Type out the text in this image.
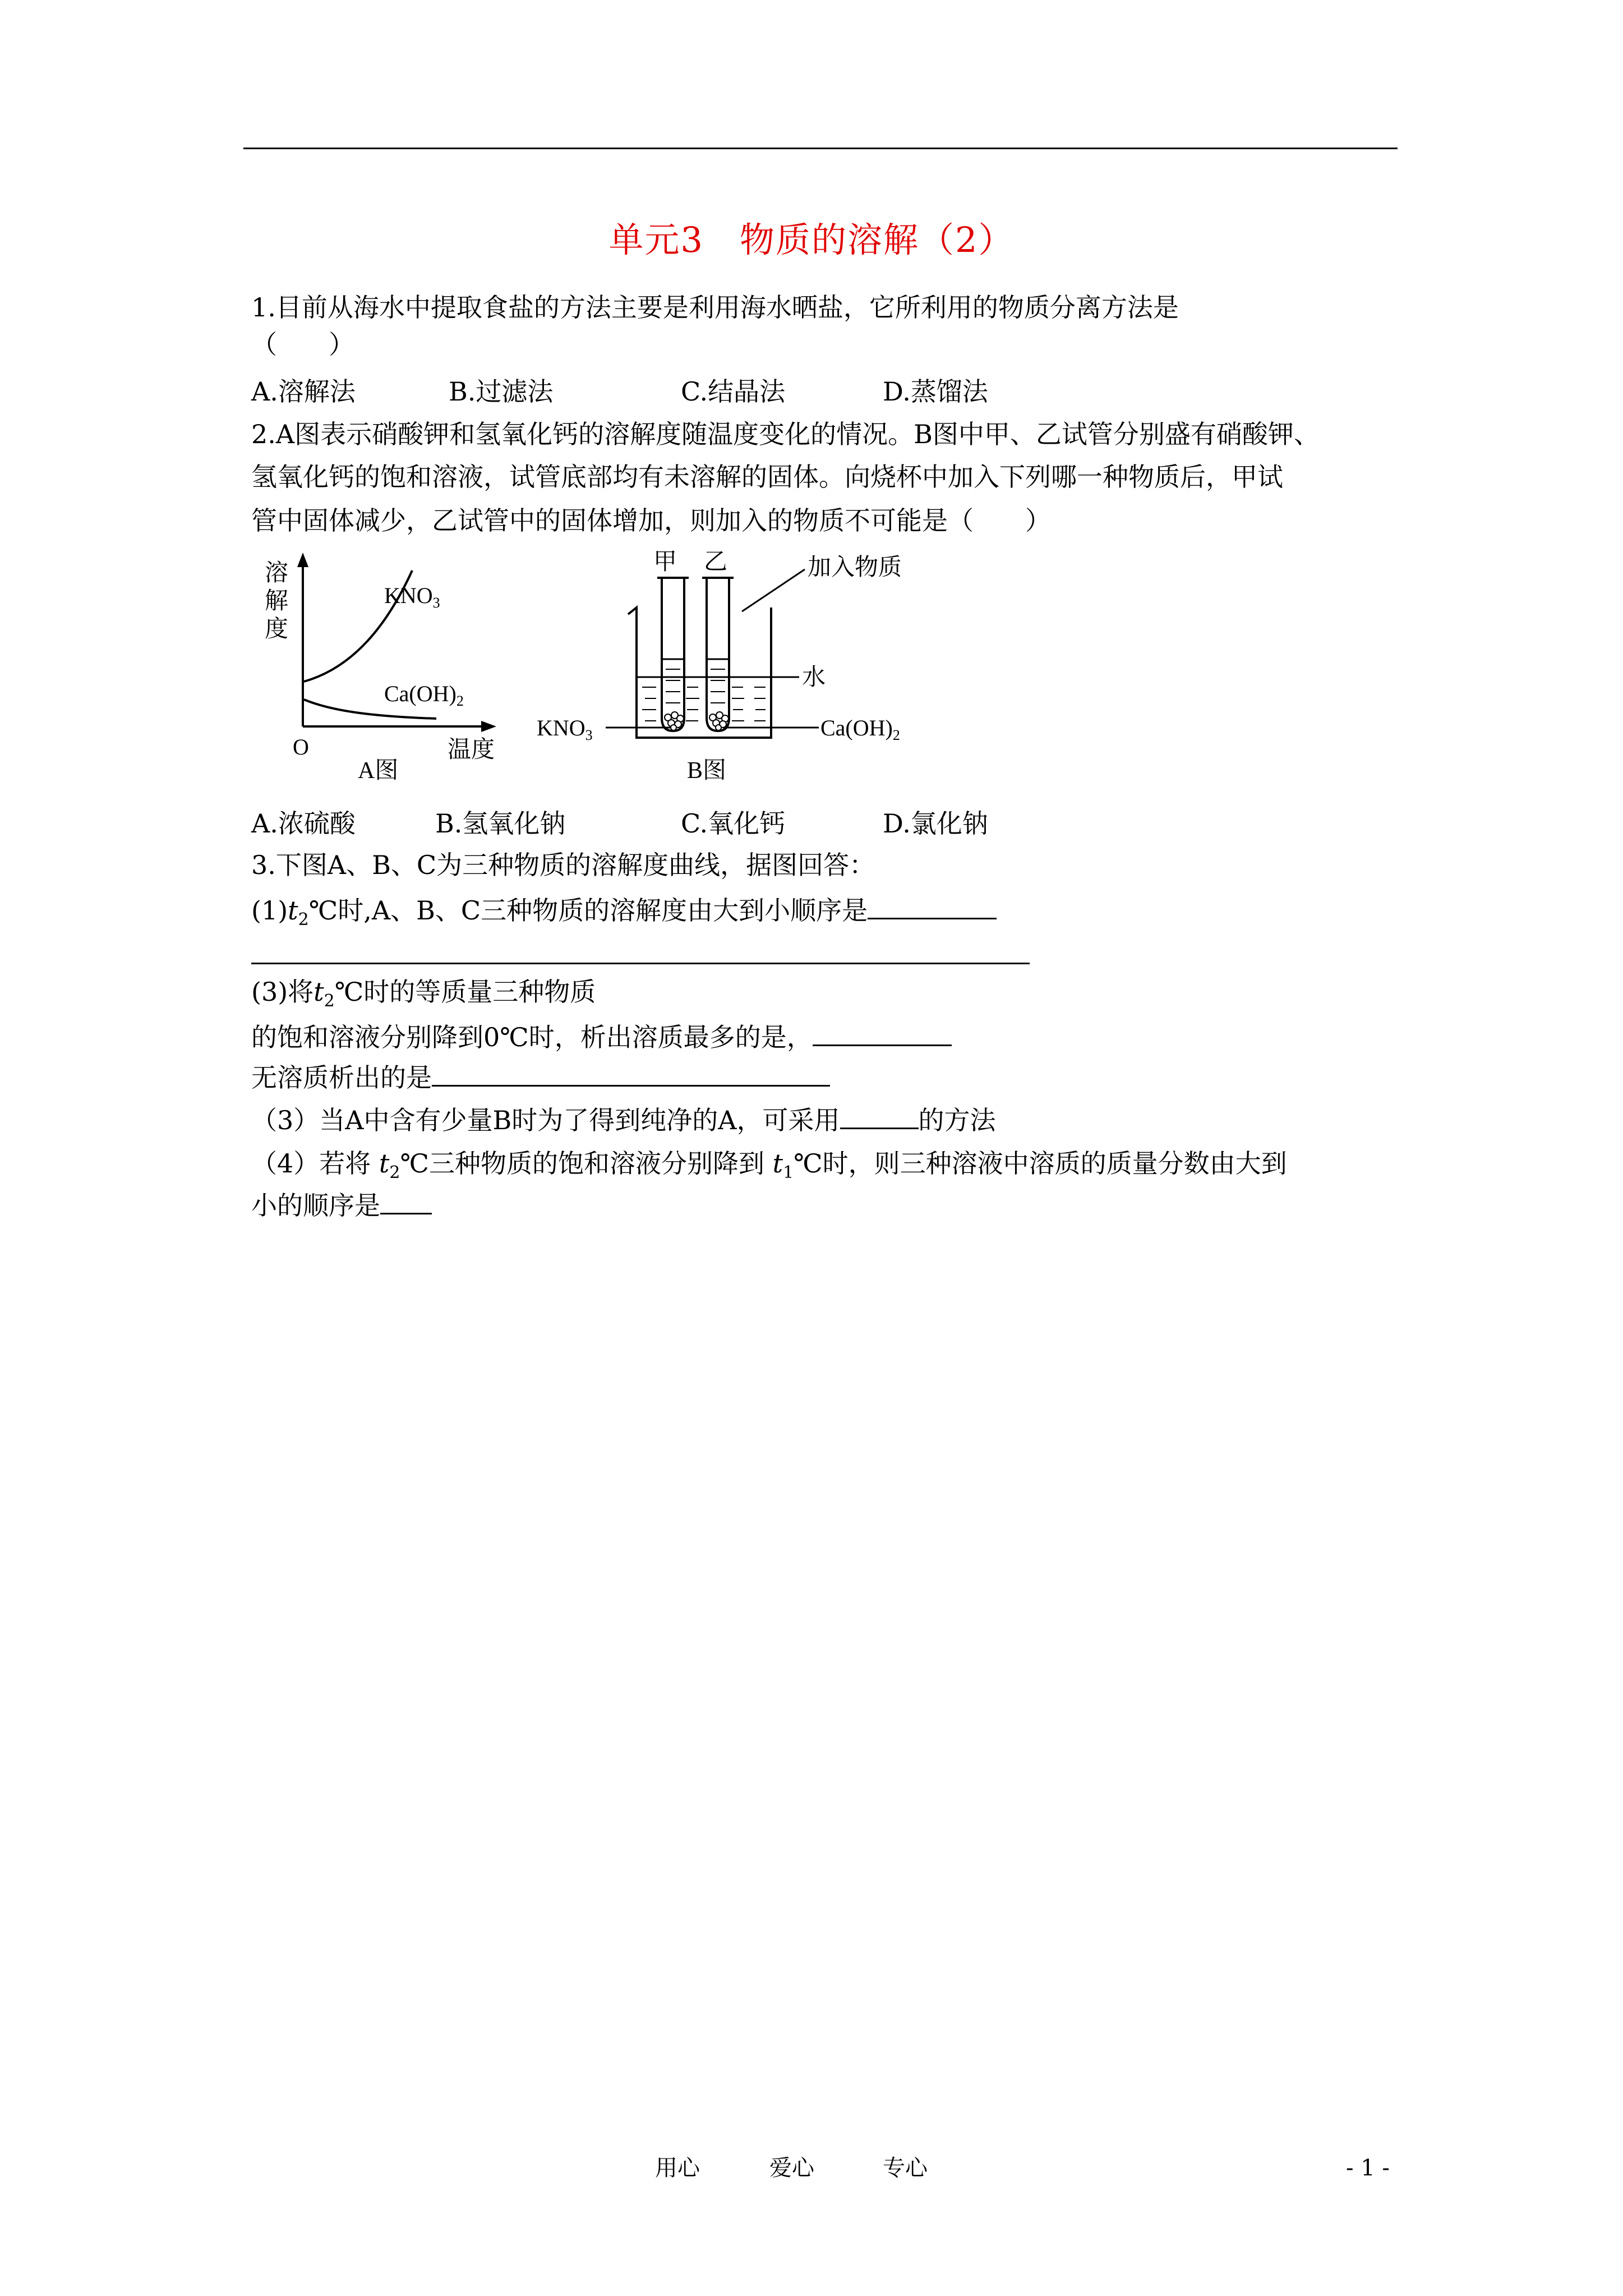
单元3　物质的溶解（2）
1.目前从海水中提取食盐的方法主要是利用海水晒盐，它所利用的物质分离方法是
（　　）
A.溶解法	B.过滤法	C.结晶法	D.蒸馏法
2.A图表示硝酸钾和氢氧化钙的溶解度随温度变化的情况。B图中甲、乙试管分别盛有硝酸钾、
氢氧化钙的饱和溶液，试管底部均有未溶解的固体。向烧杯中加入下列哪一种物质后，甲试
管中固体减少，乙试管中的固体增加，则加入的物质不可能是（　　）
溶
解
度
$KNO_3$
$Ca(OH)_2$
O	温度
A图
甲 乙	加入物质
水
$KNO_3$	$Ca(OH)_2$
B图
A.浓硫酸	B.氢氧化钠	C.氧化钙	D.氯化钠
3.下图A、B、C为三种物质的溶解度曲线，据图回答：
$(1)t_2℃$时,A、B、C三种物质的溶解度由大到小顺序是
(3)将$t_2℃$时的等质量三种物质
的饱和溶液分别降到0℃时，析出溶质最多的是，
无溶质析出的是
（3）当A中含有少量B时为了得到纯净的A，可采用	的方法
（4）若将 $t_2℃$三种物质的饱和溶液分别降到 $t_1℃$时，则三种溶液中溶质的质量分数由大到
小的顺序是
用心	爱心	专心	- 1 -
